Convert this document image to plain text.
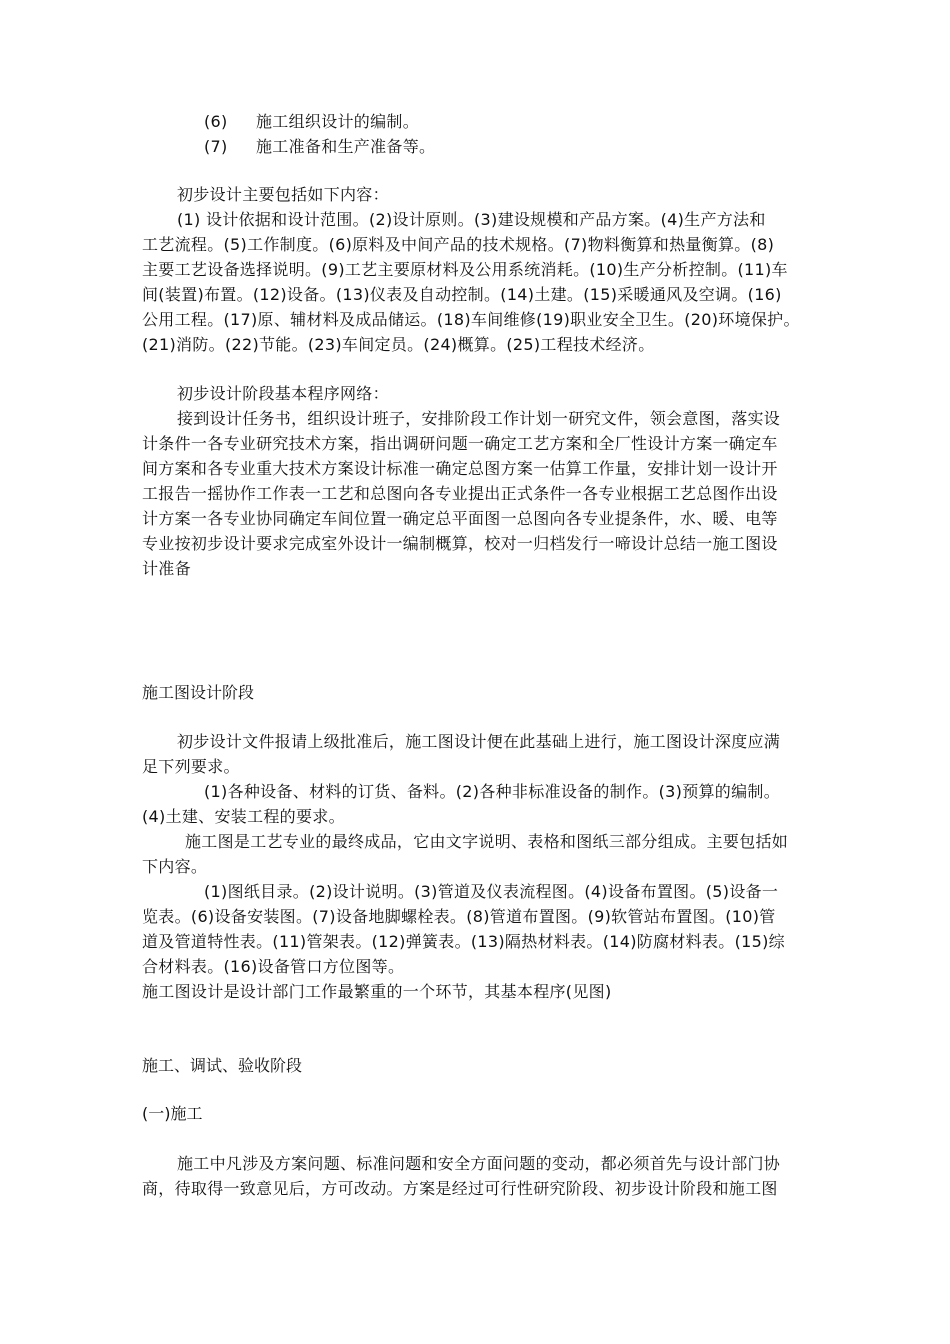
(6) 施工组织设计的编制。
(7) 施工准备和生产准备等。
初步设计主要包括如下内容：
(1) 设计依据和设计范围。(2)设计原则。(3)建设规模和产品方案。(4)生产方法和
工艺流程。(5)工作制度。(6)原料及中间产品的技术规格。(7)物料衡算和热量衡算。(8)
主要工艺设备选择说明。(9)工艺主要原材料及公用系统消耗。(10)生产分析控制。(11)车
间(装置)布置。(12)设备。(13)仪表及自动控制。(14)土建。(15)采暖通风及空调。(16)
公用工程。(17)原、辅材料及成品储运。(18)车间维修(19)职业安全卫生。(20)环境保护。
(21)消防。(22)节能。(23)车间定员。(24)概算。(25)工程技术经济。
初步设计阶段基本程序网络：
接到设计任务书，组织设计班子，安排阶段工作计划一研究文件，领会意图，落实设
计条件一各专业研究技术方案，指出调研问题一确定工艺方案和全厂性设计方案一确定车
间方案和各专业重大技术方案设计标准一确定总图方案一估算工作量，安排计划一设计开
工报告一摇协作工作表一工艺和总图向各专业提出正式条件一各专业根据工艺总图作出设
计方案一各专业协同确定车间位置一确定总平面图一总图向各专业提条件，水、暖、电等
专业按初步设计要求完成室外设计一编制概算，校对一归档发行一啼设计总结一施工图设
计准备
施工图设计阶段
初步设计文件报请上级批准后，施工图设计便在此基础上进行，施工图设计深度应满
足下列要求。
(1)各种设备、材料的订货、备料。(2)各种非标准设备的制作。(3)预算的编制。
(4)土建、安装工程的要求。
施工图是工艺专业的最终成品，它由文字说明、表格和图纸三部分组成。主要包括如
下内容。
(1)图纸目录。(2)设计说明。(3)管道及仪表流程图。(4)设备布置图。(5)设备一
览表。(6)设备安装图。(7)设备地脚螺栓表。(8)管道布置图。(9)软管站布置图。(10)管
道及管道特性表。(11)管架表。(12)弹簧表。(13)隔热材料表。(14)防腐材料表。(15)综
合材料表。(16)设备管口方位图等。
施工图设计是设计部门工作最繁重的一个环节，其基本程序(见图)
施工、调试、验收阶段
(一)施工
施工中凡涉及方案问题、标准问题和安全方面问题的变动，都必须首先与设计部门协
商，待取得一致意见后，方可改动。方案是经过可行性研究阶段、初步设计阶段和施工图
